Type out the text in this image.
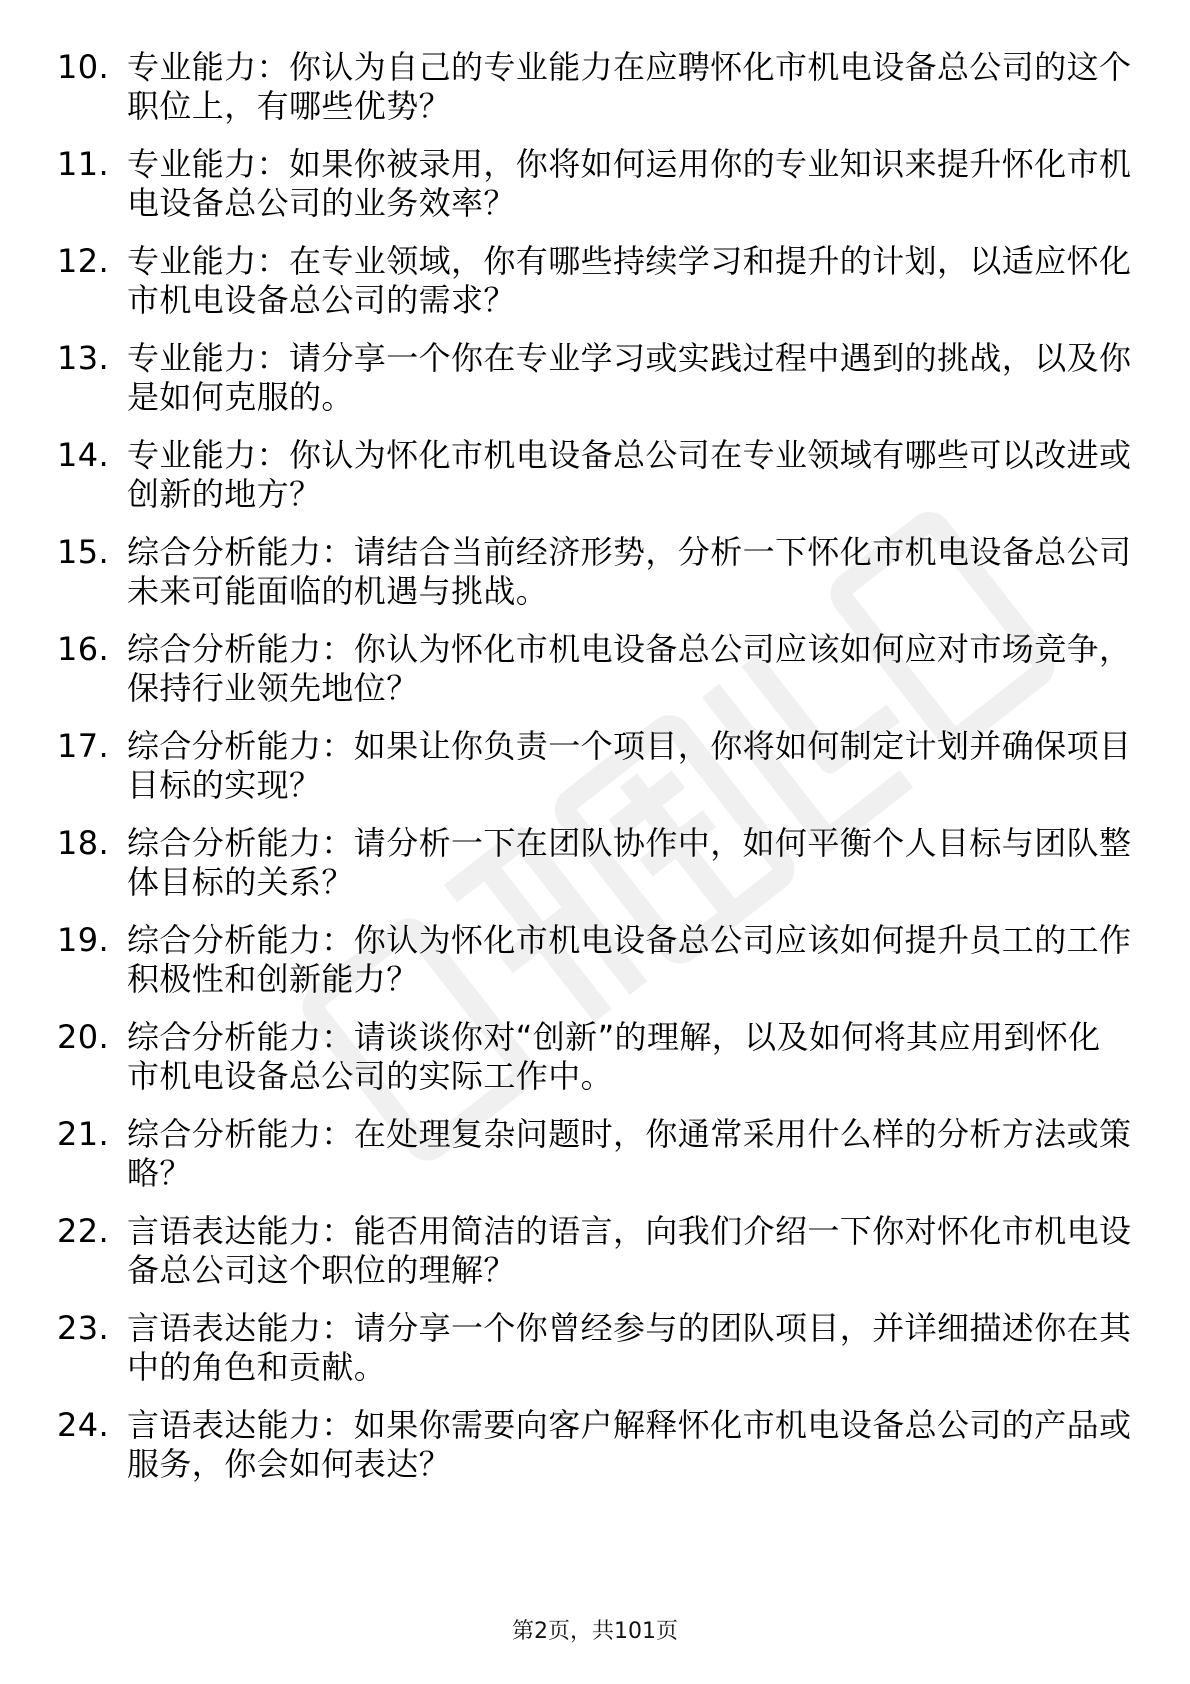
10. 专业能力：你认为自己的专业能力在应聘怀化市机电设备总公司的这个职位上，有哪些优势？
11. 专业能力：如果你被录用，你将如何运用你的专业知识来提升怀化市机电设备总公司的业务效率？
12. 专业能力：在专业领域，你有哪些持续学习和提升的计划，以适应怀化市机电设备总公司的需求？
13. 专业能力：请分享一个你在专业学习或实践过程中遇到的挑战，以及你是如何克服的。
14. 专业能力：你认为怀化市机电设备总公司在专业领域有哪些可以改进或创新的地方？
15. 综合分析能力：请结合当前经济形势，分析一下怀化市机电设备总公司未来可能面临的机遇与挑战。
16. 综合分析能力：你认为怀化市机电设备总公司应该如何应对市场竞争，保持行业领先地位？
17. 综合分析能力：如果让你负责一个项目，你将如何制定计划并确保项目目标的实现？
18. 综合分析能力：请分析一下在团队协作中，如何平衡个人目标与团队整体目标的关系？
19. 综合分析能力：你认为怀化市机电设备总公司应该如何提升员工的工作积极性和创新能力？
20. 综合分析能力：请谈谈你对“创新”的理解，以及如何将其应用到怀化市机电设备总公司的实际工作中。
21. 综合分析能力：在处理复杂问题时，你通常采用什么样的分析方法或策略？
22. 言语表达能力：能否用简洁的语言，向我们介绍一下你对怀化市机电设备总公司这个职位的理解？
23. 言语表达能力：请分享一个你曾经参与的团队项目，并详细描述你在其中的角色和贡献。
24. 言语表达能力：如果你需要向客户解释怀化市机电设备总公司的产品或服务，你会如何表达？
第2页，共101页
